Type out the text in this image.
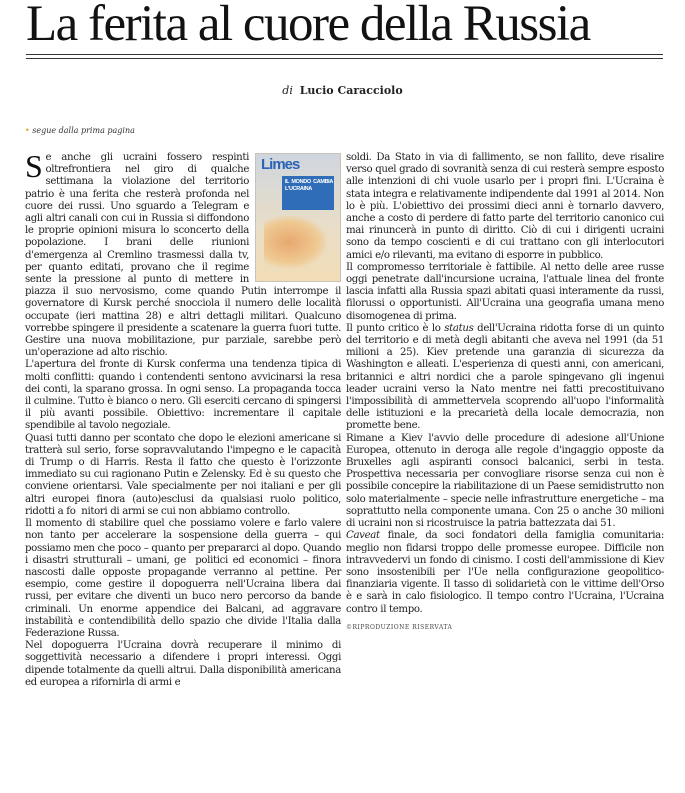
La ferita al cuore della Russia
di Lucio Caracciolo
• segue dalla prima pagina

S	Limes
IL MONDO CAMBIA L'UCRAINA
e anche gli ucraini fossero respinti oltrefrontiera nel giro di qualche settimana la violazione del territorio patrio è una ferita che resterà profonda nel cuore dei russi. Uno sguardo a Telegram e agli altri canali con cui in Russia si diffondono le proprie opinioni misura lo sconcerto della popolazione. I brani delle riunioni d'emergenza al Cremlino trasmessi dalla tv, per quanto editati, provano che il regime sente la pressione al punto di mettere in piazza il suo nervosismo, come quando Putin interrompe il governatore di Kursk perché snocciola il numero delle località occupate (ieri mattina 28) e altri dettagli militari. Qualcuno vorrebbe spingere il presidente a scatenare la guerra fuori tutte. Gestire una nuova mobilitazione, pur parziale, sarebbe però un'operazione ad alto rischio.

L'apertura del fronte di Kursk conferma una tendenza tipica di molti conflitti: quando i contendenti sentono avvicinarsi la resa dei conti, la sparano grossa. In ogni senso. La propaganda tocca il culmine. Tutto è bianco o nero. Gli eserciti cercano di spingersi il più avanti possibile. Obiettivo: incrementare il capitale spendibile al tavolo negoziale.

Quasi tutti danno per scontato che dopo le elezioni americane si tratterà sul serio, forse sopravvalutando l'impegno e le capacità di Trump o di Harris. Resta il fatto che questo è l'orizzonte immediato su cui ragionano Putin e Zelensky. Ed è su questo che conviene orientarsi. Vale specialmente per noi italiani e per gli altri europei finora (auto)esclusi da qualsiasi ruolo politico, ridotti a fo  nitori di armi se cui non abbiamo controllo.

Il momento di stabilire quel che possiamo volere e farlo valere non tanto per accelerare la sospensione della guerra – qui possiamo men che poco – quanto per prepararci al dopo. Quando i disastri strutturali – umani, ge  politici ed economici – finora nascosti dalle opposte propagande verranno al pettine. Per esempio, come gestire il dopoguerra nell'Ucraina libera dai russi, per evitare che diventi un buco nero percorso da bande criminali. Un enorme appendice dei Balcani, ad aggravare instabilità e contendibilità dello spazio che divide l'Italia dalla Federazione Russa.

Nel dopoguerra l'Ucraina dovrà recuperare il minimo di soggettività necessario a difendere i propri interessi. Oggi dipende totalmente da quelli altrui. Dalla disponibilità americana ed europea a rifornirla di armi e

soldi. Da Stato in via di fallimento, se non fallito, deve risalire verso quel grado di sovranità senza di cui resterà sempre esposto alle intenzioni di chi vuole usarlo per i propri fini. L'Ucraina è stata integra e relativamente indipendente dal 1991 al 2014. Non lo è più. L'obiettivo dei prossimi dieci anni è tornarlo davvero, anche a costo di perdere di fatto parte del territorio canonico cui mai rinuncerà in punto di diritto. Ciò di cui i dirigenti ucraini sono da tempo coscienti e di cui trattano con gli interlocutori amici e/o rilevanti, ma evitano di esporre in pubblico.

Il compromesso territoriale è fattibile. Al netto delle aree russe oggi penetrate dall'incursione ucraina, l'attuale linea del fronte lascia infatti alla Russia spazi abitati quasi interamente da russi, filorussi o opportunisti. All'Ucraina una geografia umana meno disomogenea di prima.

Il punto critico è lo status dell'Ucraina ridotta forse di un quinto del territorio e di metà degli abitanti che aveva nel 1991 (da 51 milioni a 25). Kiev pretende una garanzia di sicurezza da Washington e alleati. L'esperienza di questi anni, con americani, britannici e altri nordici che a parole spingevano gli ingenui leader ucraini verso la Nato mentre nei fatti precostituivano l'impossibilità di ammettervela scoprendo all'uopo l'informalità delle istituzioni e la precarietà della locale democrazia, non promette bene.

Rimane a Kiev l'avvio delle procedure di adesione all'Unione Europea, ottenuto in deroga alle regole d'ingaggio opposte da Bruxelles agli aspiranti consoci balcanici, serbi in testa. Prospettiva necessaria per convogliare risorse senza cui non è possibile concepire la riabilitazione di un Paese semidistrutto non solo materialmente – specie nelle infrastrutture energetiche – ma soprattutto nella componente umana. Con 25 o anche 30 milioni di ucraini non si ricostruisce la patria battezzata dai 51.

Caveat finale, da soci fondatori della famiglia comunitaria: meglio non fidarsi troppo delle promesse europee. Difficile non intravvedervi un fondo di cinismo. I costi dell'ammissione di Kiev sono insostenibili per l'Ue nella configurazione geopolitico-finanziaria vigente. Il tasso di solidarietà con le vittime dell'Orso è e sarà in calo fisiologico. Il tempo contro l'Ucraina, l'Ucraina contro il tempo.

©RIPRODUZIONE RISERVATA
